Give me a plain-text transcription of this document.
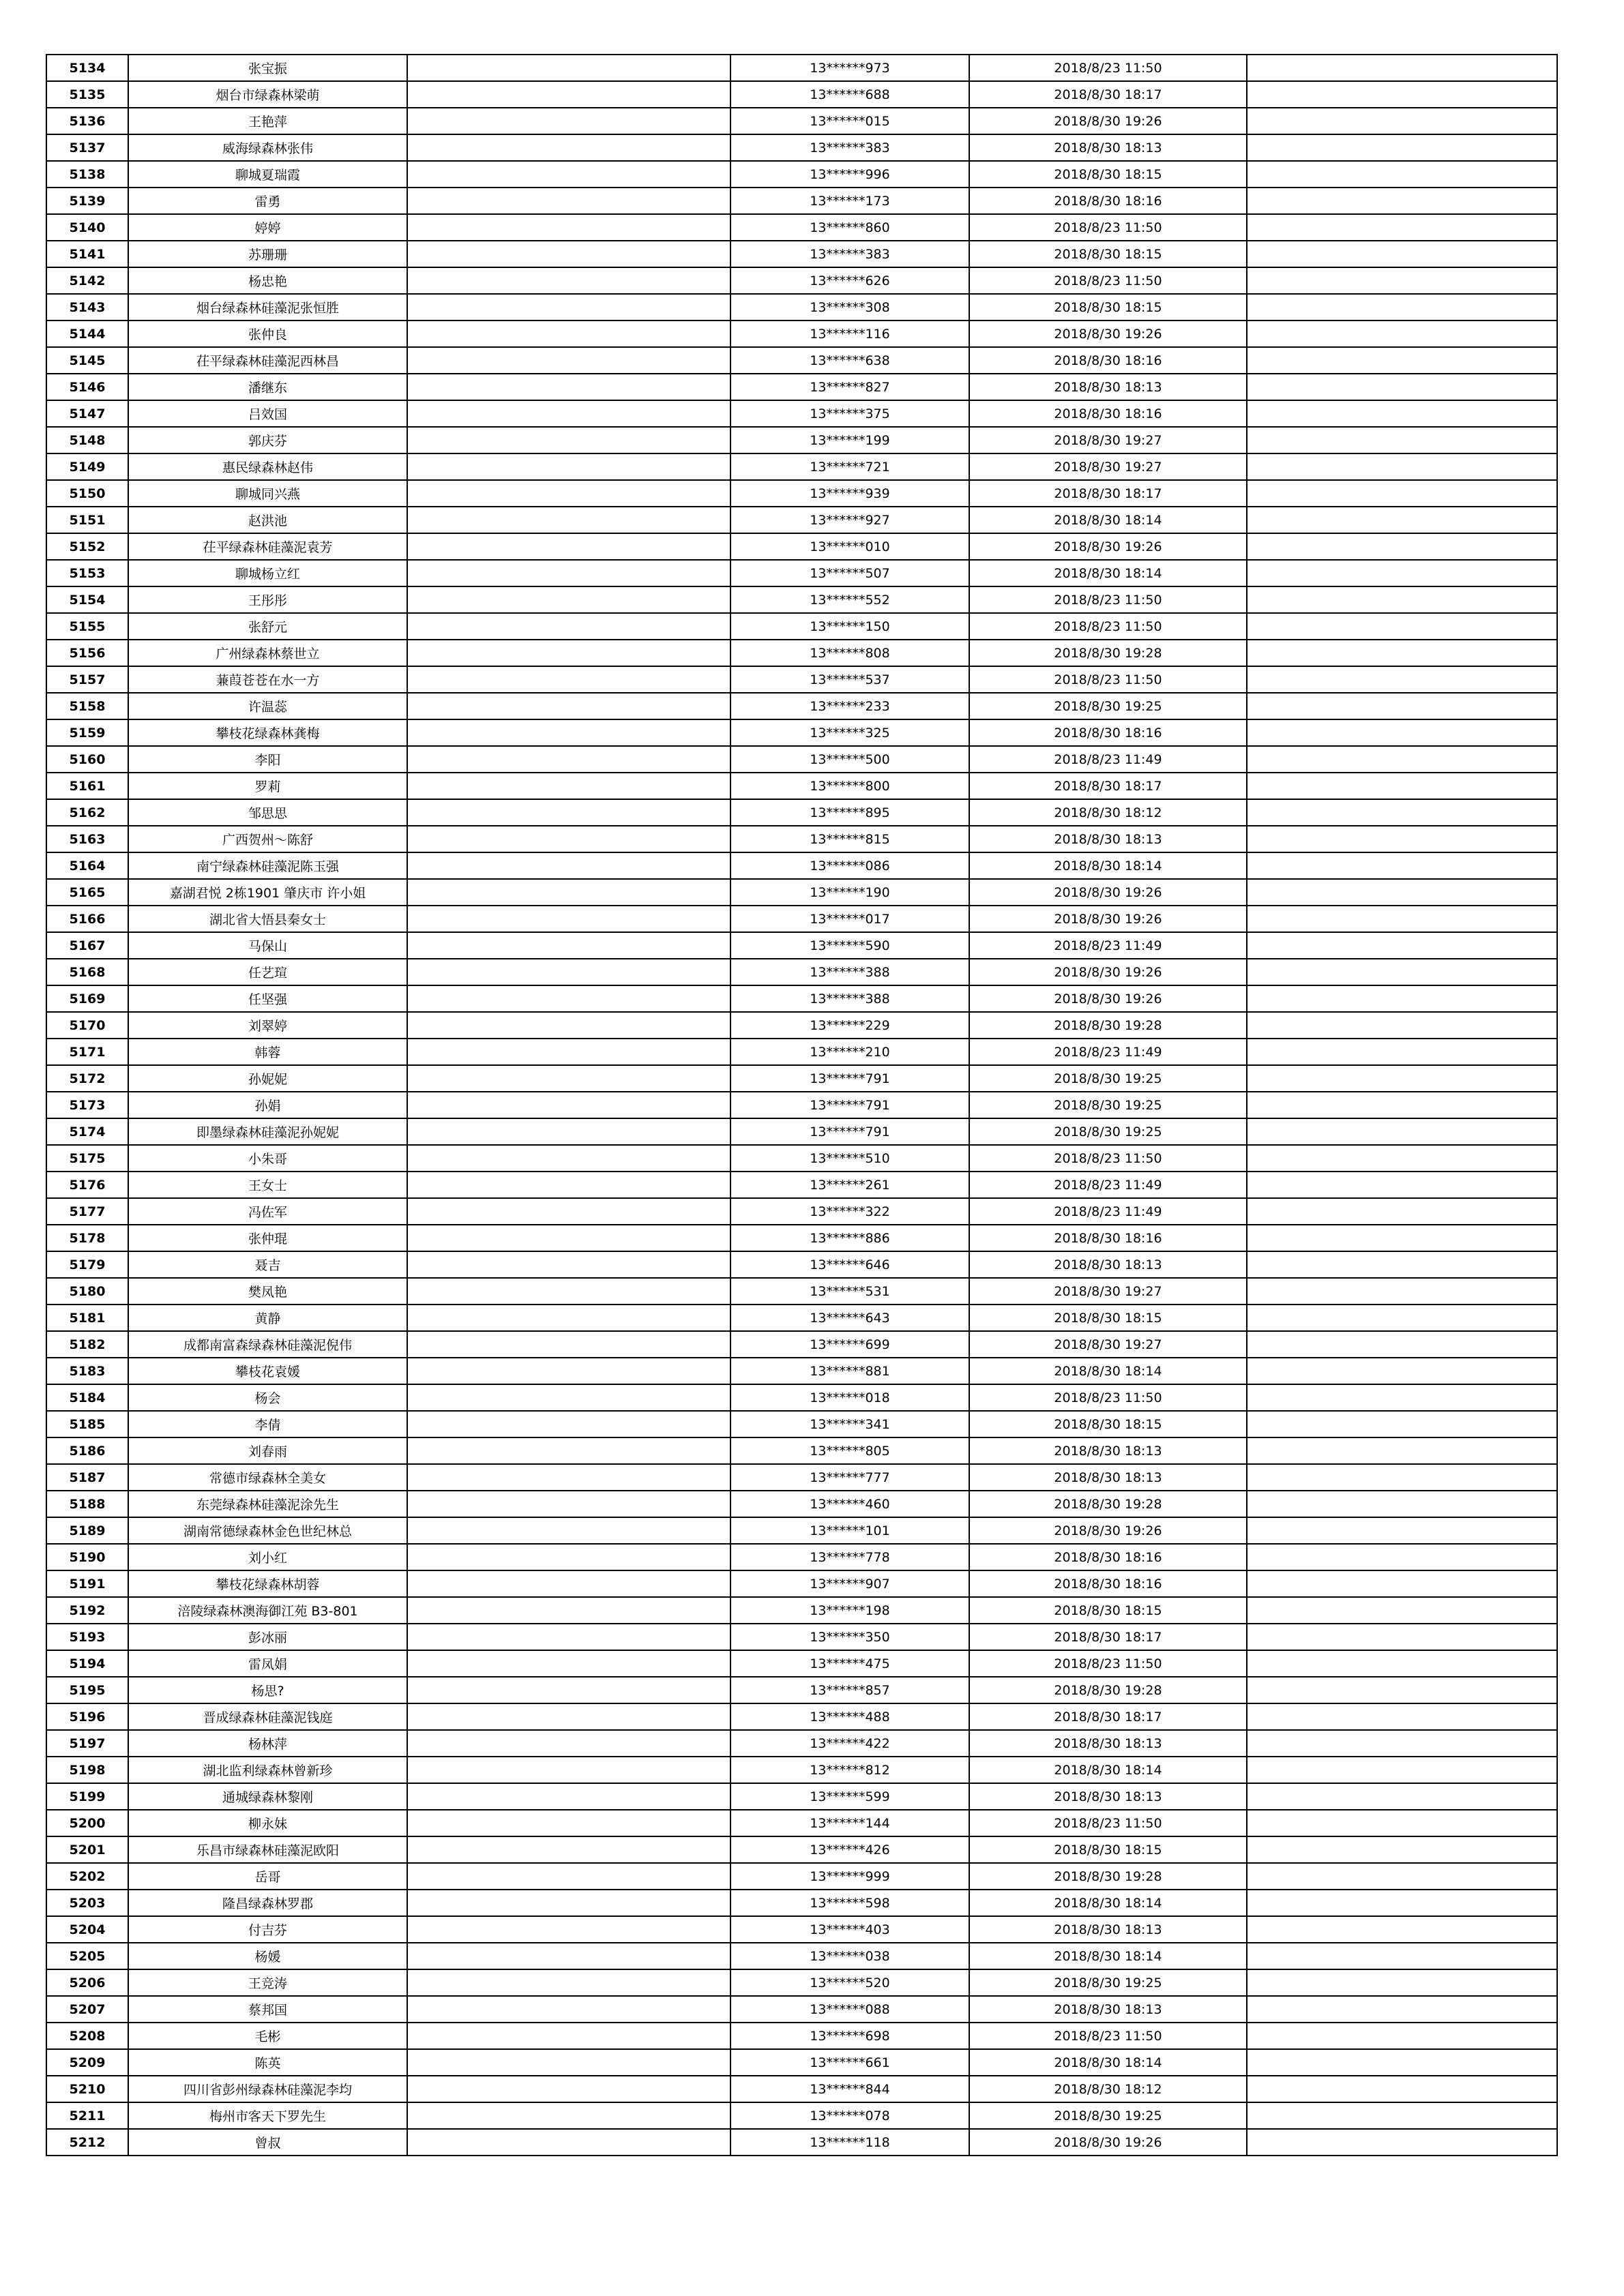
5134	张宝振		13******973	2018/8/23 11:50	
5135	烟台市绿森林梁萌		13******688	2018/8/30 18:17	
5136	王艳萍		13******015	2018/8/30 19:26	
5137	威海绿森林张伟		13******383	2018/8/30 18:13	
5138	聊城夏瑞霞		13******996	2018/8/30 18:15	
5139	雷勇		13******173	2018/8/30 18:16	
5140	婷婷		13******860	2018/8/23 11:50	
5141	苏珊珊		13******383	2018/8/30 18:15	
5142	杨忠艳		13******626	2018/8/23 11:50	
5143	烟台绿森林硅藻泥张恒胜		13******308	2018/8/30 18:15	
5144	张仲良		13******116	2018/8/30 19:26	
5145	茌平绿森林硅藻泥西林昌		13******638	2018/8/30 18:16	
5146	潘继东		13******827	2018/8/30 18:13	
5147	吕效国		13******375	2018/8/30 18:16	
5148	郭庆芬		13******199	2018/8/30 19:27	
5149	惠民绿森林赵伟		13******721	2018/8/30 19:27	
5150	聊城同兴燕		13******939	2018/8/30 18:17	
5151	赵洪池		13******927	2018/8/30 18:14	
5152	茌平绿森林硅藻泥袁芳		13******010	2018/8/30 19:26	
5153	聊城杨立红		13******507	2018/8/30 18:14	
5154	王彤彤		13******552	2018/8/23 11:50	
5155	张舒元		13******150	2018/8/23 11:50	
5156	广州绿森林蔡世立		13******808	2018/8/30 19:28	
5157	蒹葭苍苍在水一方		13******537	2018/8/23 11:50	
5158	许温蕊		13******233	2018/8/30 19:25	
5159	攀枝花绿森林龚梅		13******325	2018/8/30 18:16	
5160	李阳		13******500	2018/8/23 11:49	
5161	罗莉		13******800	2018/8/30 18:17	
5162	邹思思		13******895	2018/8/30 18:12	
5163	广西贺州～陈舒		13******815	2018/8/30 18:13	
5164	南宁绿森林硅藻泥陈玉强		13******086	2018/8/30 18:14	
5165	嘉湖君悦 2栋1901 肇庆市 许小姐		13******190	2018/8/30 19:26	
5166	湖北省大悟县秦女士		13******017	2018/8/30 19:26	
5167	马保山		13******590	2018/8/23 11:49	
5168	任艺瑄		13******388	2018/8/30 19:26	
5169	任坚强		13******388	2018/8/30 19:26	
5170	刘翠婷		13******229	2018/8/30 19:28	
5171	韩蓉		13******210	2018/8/23 11:49	
5172	孙妮妮		13******791	2018/8/30 19:25	
5173	孙娟		13******791	2018/8/30 19:25	
5174	即墨绿森林硅藻泥孙妮妮		13******791	2018/8/30 19:25	
5175	小朱哥		13******510	2018/8/23 11:50	
5176	王女士		13******261	2018/8/23 11:49	
5177	冯佐军		13******322	2018/8/23 11:49	
5178	张仲琨		13******886	2018/8/30 18:16	
5179	聂吉		13******646	2018/8/30 18:13	
5180	樊凤艳		13******531	2018/8/30 19:27	
5181	黄静		13******643	2018/8/30 18:15	
5182	成都南富森绿森林硅藻泥倪伟		13******699	2018/8/30 19:27	
5183	攀枝花袁媛		13******881	2018/8/30 18:14	
5184	杨会		13******018	2018/8/23 11:50	
5185	李倩		13******341	2018/8/30 18:15	
5186	刘春雨		13******805	2018/8/30 18:13	
5187	常德市绿森林全美女		13******777	2018/8/30 18:13	
5188	东莞绿森林硅藻泥涂先生		13******460	2018/8/30 19:28	
5189	湖南常德绿森林金色世纪林总		13******101	2018/8/30 19:26	
5190	刘小红		13******778	2018/8/30 18:16	
5191	攀枝花绿森林胡蓉		13******907	2018/8/30 18:16	
5192	涪陵绿森林澳海御江苑 B3-801		13******198	2018/8/30 18:15	
5193	彭冰丽		13******350	2018/8/30 18:17	
5194	雷凤娟		13******475	2018/8/23 11:50	
5195	杨思?		13******857	2018/8/30 19:28	
5196	晋成绿森林硅藻泥钱庭		13******488	2018/8/30 18:17	
5197	杨林萍		13******422	2018/8/30 18:13	
5198	湖北监利绿森林曾新珍		13******812	2018/8/30 18:14	
5199	通城绿森林黎刚		13******599	2018/8/30 18:13	
5200	柳永妹		13******144	2018/8/23 11:50	
5201	乐昌市绿森林硅藻泥欧阳		13******426	2018/8/30 18:15	
5202	岳哥		13******999	2018/8/30 19:28	
5203	隆昌绿森林罗郡		13******598	2018/8/30 18:14	
5204	付吉芬		13******403	2018/8/30 18:13	
5205	杨媛		13******038	2018/8/30 18:14	
5206	王竞涛		13******520	2018/8/30 19:25	
5207	蔡邦国		13******088	2018/8/30 18:13	
5208	毛彬		13******698	2018/8/23 11:50	
5209	陈英		13******661	2018/8/30 18:14	
5210	四川省彭州绿森林硅藻泥李均		13******844	2018/8/30 18:12	
5211	梅州市客天下罗先生		13******078	2018/8/30 19:25	
5212	曾叔		13******118	2018/8/30 19:26	
